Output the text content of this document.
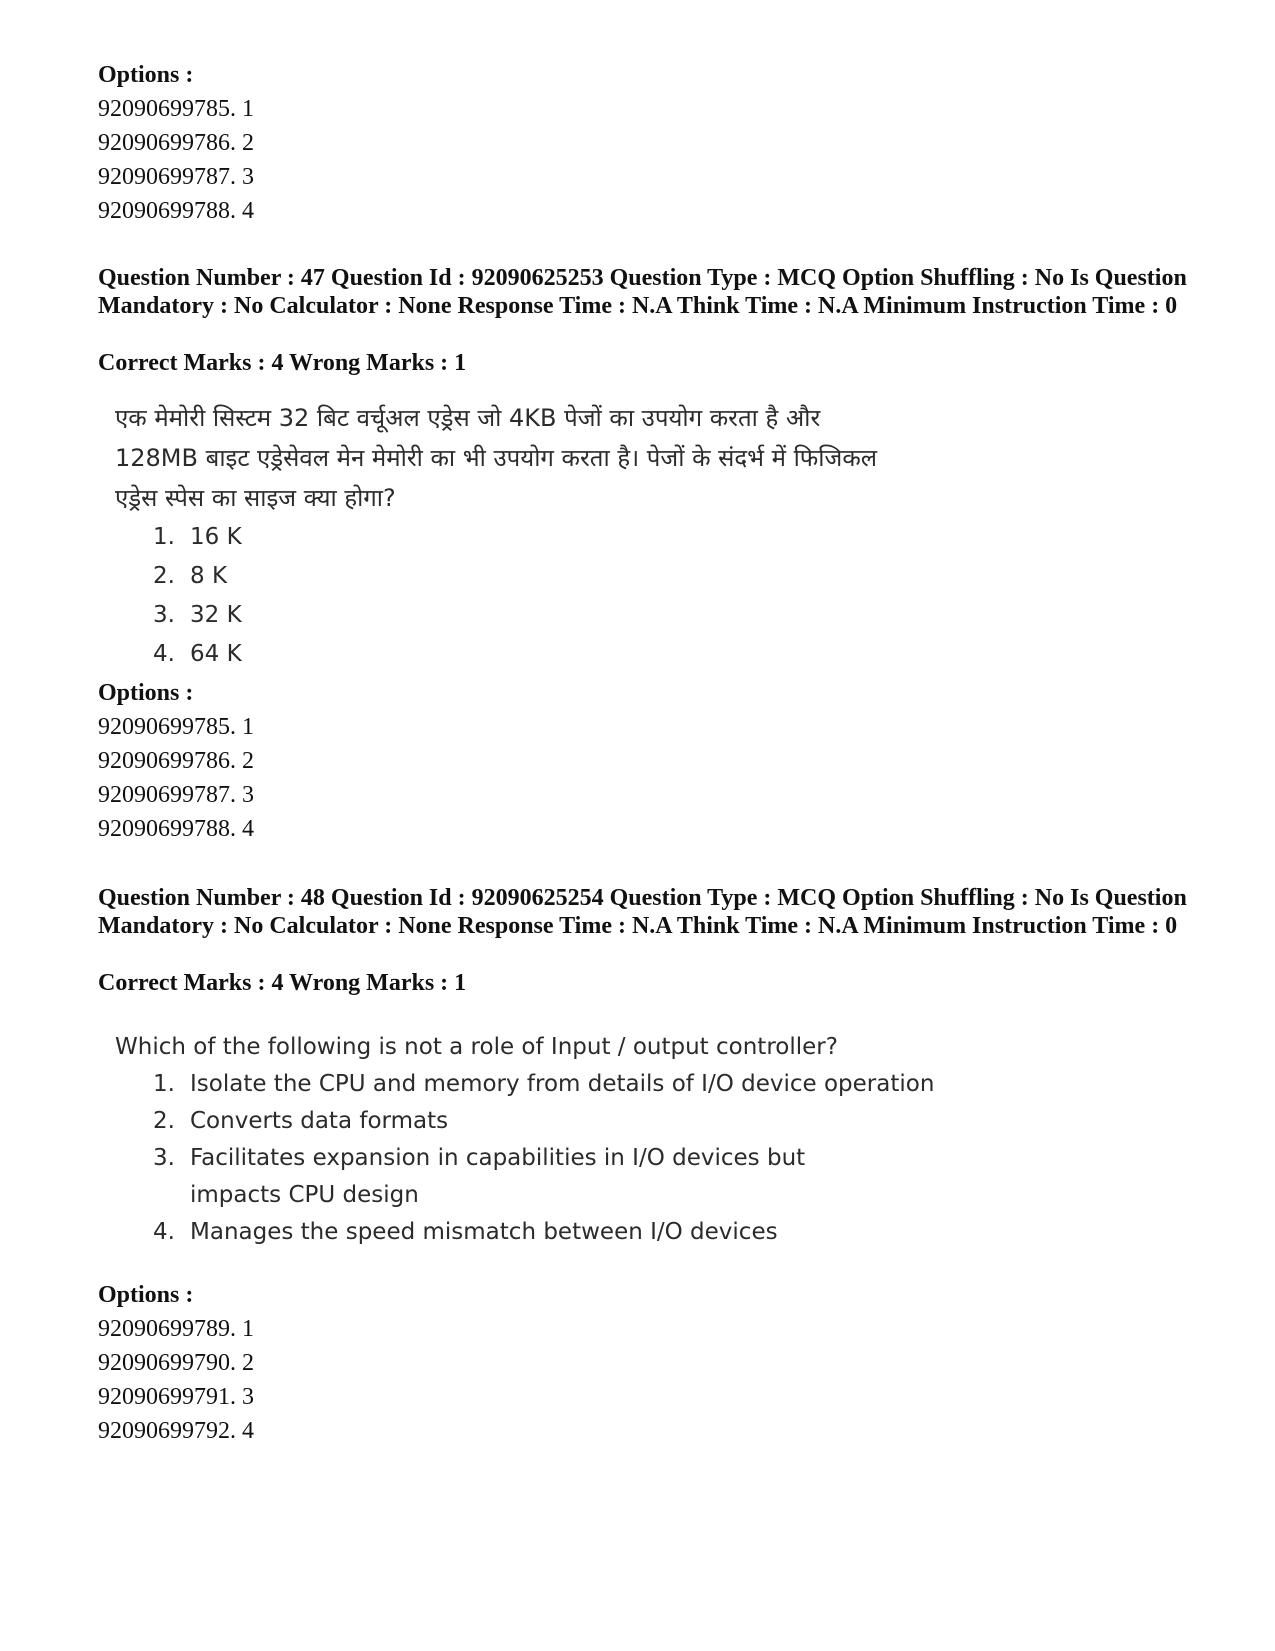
Options :
92090699785. 1
92090699786. 2
92090699787. 3
92090699788. 4
Question Number : 47 Question Id : 92090625253 Question Type : MCQ Option Shuffling : No Is Question Mandatory : No Calculator : None Response Time : N.A Think Time : N.A Minimum Instruction Time : 0
Correct Marks : 4 Wrong Marks : 1
एक मेमोरी सिस्टम 32 बिट वर्चूअल एड्रेस जो 4KB पेजों का उपयोग करता है और
128MB बाइट एड्रेसेवल मेन मेमोरी का भी उपयोग करता है। पेजों के संदर्भ में फिजिकल
एड्रेस स्पेस का साइज क्या होगा?
1. 16 K
2. 8 K
3. 32 K
4. 64 K
Options :
92090699785. 1
92090699786. 2
92090699787. 3
92090699788. 4
Question Number : 48 Question Id : 92090625254 Question Type : MCQ Option Shuffling : No Is Question Mandatory : No Calculator : None Response Time : N.A Think Time : N.A Minimum Instruction Time : 0
Correct Marks : 4 Wrong Marks : 1
Which of the following is not a role of Input / output controller?
1. Isolate the CPU and memory from details of I/O device operation
2. Converts data formats
3. Facilitates expansion in capabilities in I/O devices but impacts CPU design
4. Manages the speed mismatch between I/O devices
Options :
92090699789. 1
92090699790. 2
92090699791. 3
92090699792. 4
